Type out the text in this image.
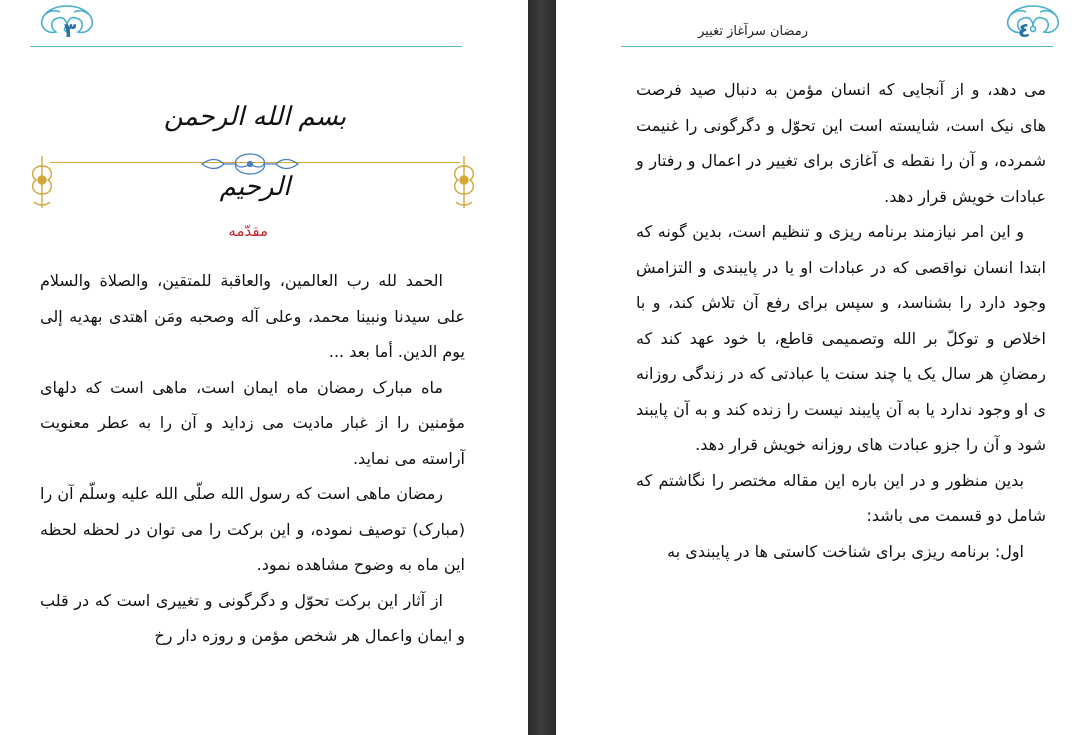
٣
بسم الله الرحمن الرحيم
مقدّمه

الحمد لله رب العالمين، والعاقبة للمتقين، والصلاة والسلام على سيدنا ونبينا محمد، وعلى آله وصحبه ومَن اهتدى بهديه إلى يوم الدين. أما بعد ...

ماه مبارک رمضان ماه ایمان است، ماهی است که دلهای مؤمنین را از غبار مادیت می زداید و آن را به عطر معنویت آراسته می نماید.

رمضان ماهی است که رسول الله صلّى الله عليه وسلّم آن را (مبارک) توصیف نموده، و این برکت را می توان در لحظه لحظه این ماه به وضوح مشاهده نمود.

از آثار این برکت تحوّل و دگرگونی و تغییری است که در قلب و ایمان واعمال هر شخص مؤمن و روزه دار رخ

رمضان سرآغاز تغییر	٤

می دهد، و از آنجایی که انسان مؤمن به دنبال صید فرصت های نیک است، شایسته است این تحوّل و دگرگونی را غنیمت شمرده، و آن را نقطه ی آغازی برای تغییر در اعمال و رفتار و عبادات خویش قرار دهد.

و این امر نیازمند برنامه ریزی و تنظیم است، بدین گونه که ابتدا انسان نواقصی که در عبادات او یا در پایبندی و التزامش وجود دارد را بشناسد، و سپس برای رفع آن تلاش کند، و با اخلاص و توکلّ بر الله وتصمیمی قاطع، با خود عهد کند که رمضانِ هر سال یک یا چند سنت یا عبادتی که در زندگی روزانه ی او وجود ندارد یا به آن پایبند نیست را زنده کند و به آن پایبند شود و آن را جزو عبادت های روزانه خویش قرار دهد.

بدین منظور و در این باره این مقاله مختصر را نگاشتم که شامل دو قسمت می باشد:

اول: برنامه ریزی برای شناخت کاستی ها در پایبندی به
